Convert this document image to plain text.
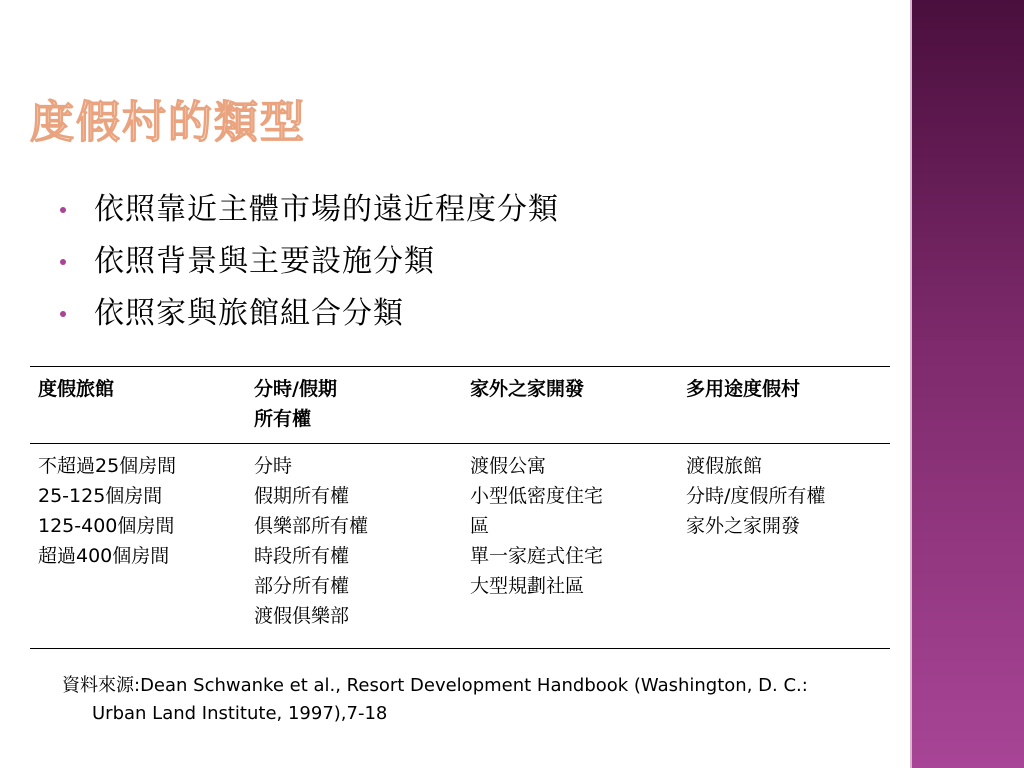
度假村的類型
依照靠近主體市場的遠近程度分類
依照背景與主要設施分類
依照家與旅館組合分類
度假旅館	分時/假期
所有權
家外之家開發	多用途度假村
不超過25個房間
25-125個房間
125-400個房間
超過400個房間
分時
假期所有權
俱樂部所有權
時段所有權
部分所有權
渡假俱樂部
渡假公寓
小型低密度住宅
區
單一家庭式住宅
大型規劃社區
渡假旅館
分時/度假所有權
家外之家開發
資料來源:Dean Schwanke et al., Resort Development Handbook (Washington, D. C.:
Urban Land Institute, 1997),7-18
